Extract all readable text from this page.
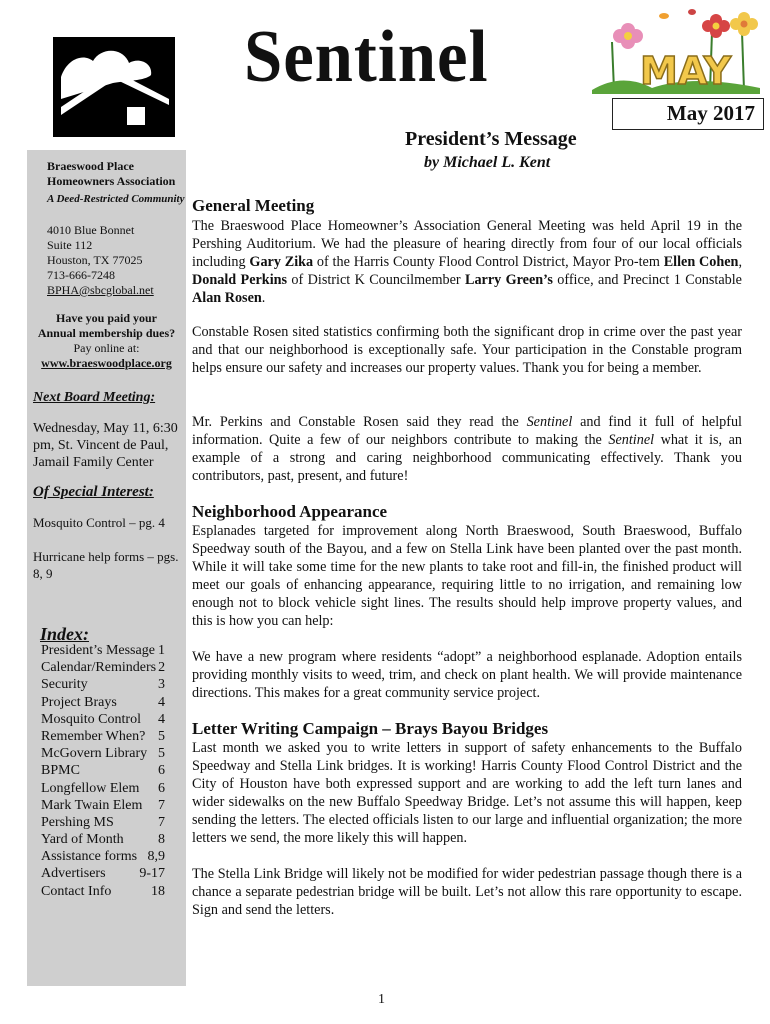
Sentinel	MAY
May 2017
Braeswood Place
Homeowners Association
A Deed-Restricted Community
4010 Blue Bonnet
Suite 112
Houston, TX 77025
713-666-7248
BPHA@sbcglobal.net
Have you paid your
Annual membership dues?
Pay online at:
www.braeswoodplace.org
Next Board Meeting:
Wednesday, May 11, 6:30 pm, St. Vincent de Paul, Jamail Family Center
Of Special Interest:
Mosquito Control – pg. 4
Hurricane help forms – pgs. 8, 9
Index:
President’s Message 1
Calendar/Reminders 2
Security	3
Project Brays	4
Mosquito Control 4
Remember When? 5
McGovern Library 5
BPMC	6
Longfellow Elem 6
Mark Twain Elem 7
Pershing MS	7
Yard of Month 8
Assistance forms 8,9
Advertisers 9-17
Contact Info	18
President’s Message
by Michael L. Kent
General Meeting
The Braeswood Place Homeowner’s Association General Meeting was held April 19 in the Pershing Auditorium. We had the pleasure of hearing directly from four of our local officials including Gary Zika of the Harris County Flood Control District, Mayor Pro-tem Ellen Cohen, Donald Perkins of District K Councilmember Larry Green’s office, and Precinct 1 Constable Alan Rosen.
Constable Rosen sited statistics confirming both the significant drop in crime over the past year and that our neighborhood is exceptionally safe. Your participation in the Constable program helps ensure our safety and increases our property values. Thank you for being a member.
Mr. Perkins and Constable Rosen said they read the Sentinel and find it full of helpful information. Quite a few of our neighbors contribute to making the Sentinel what it is, an example of a strong and caring neighborhood communicating effectively. Thank you contributors, past, present, and future!
Neighborhood Appearance
Esplanades targeted for improvement along North Braeswood, South Braeswood, Buffalo Speedway south of the Bayou, and a few on Stella Link have been planted over the past month. While it will take some time for the new plants to take root and fill-in, the finished product will meet our goals of enhancing appearance, requiring little to no irrigation, and remaining low enough not to block vehicle sight lines. The results should help improve property values, and this is how you can help:
We have a new program where residents “adopt” a neighborhood esplanade. Adoption entails providing monthly visits to weed, trim, and check on plant health. We will provide maintenance directions. This makes for a great community service project.
Letter Writing Campaign – Brays Bayou Bridges
Last month we asked you to write letters in support of safety enhancements to the Buffalo Speedway and Stella Link bridges. It is working! Harris County Flood Control District and the City of Houston have both expressed support and are working to add the left turn lanes and wider sidewalks on the new Buffalo Speedway Bridge. Let’s not assume this will happen, keep sending the letters. The elected officials listen to our large and influential organization; the more letters we send, the more likely this will happen.
The Stella Link Bridge will likely not be modified for wider pedestrian passage though there is a chance a separate pedestrian bridge will be built. Let’s not allow this rare opportunity to escape. Sign and send the letters.
1
